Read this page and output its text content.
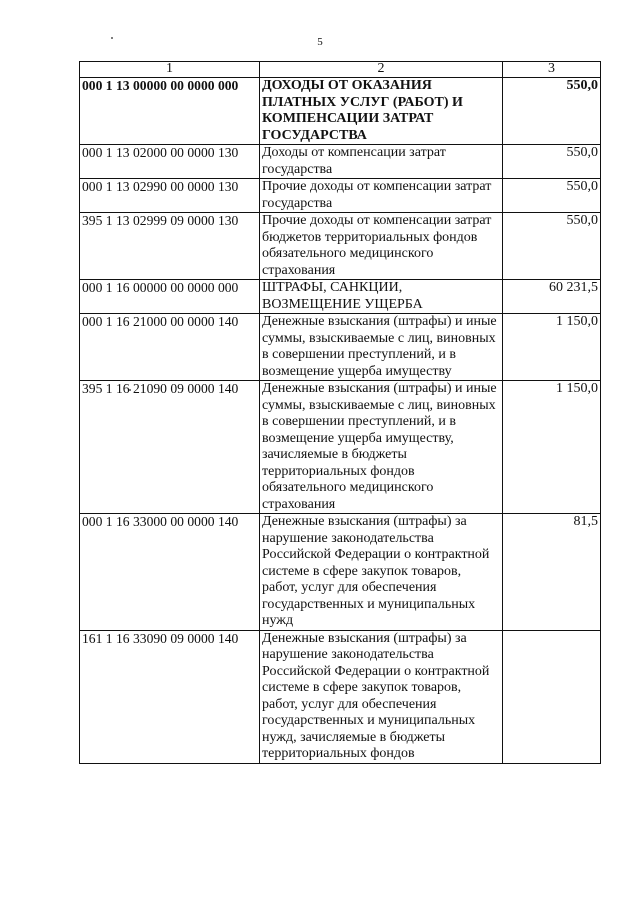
5
1	2	3
000 1 13 00000 00 0000 000	ДОХОДЫ ОТ ОКАЗАНИЯ ПЛАТНЫХ УСЛУГ (РАБОТ) И КОМПЕНСАЦИИ ЗАТРАТ ГОСУДАРСТВА	550,0
000 1 13 02000 00 0000 130	Доходы от компенсации затрат государства	550,0
000 1 13 02990 00 0000 130	Прочие доходы от компенсации затрат государства	550,0
395 1 13 02999 09 0000 130	Прочие доходы от компенсации затрат бюджетов территориальных фондов обязательного медицинского страхования	550,0
000 1 16 00000 00 0000 000	ШТРАФЫ, САНКЦИИ, ВОЗМЕЩЕНИЕ УЩЕРБА	60 231,5
000 1 16 21000 00 0000 140	Денежные взыскания (штрафы) и иные суммы, взыскиваемые с лиц, виновных в совершении преступлений, и в возмещение ущерба имуществу	1 150,0
395 1 16 21090 09 0000 140	Денежные взыскания (штрафы) и иные суммы, взыскиваемые с лиц, виновных в совершении преступлений, и в возмещение ущерба имуществу, зачисляемые в бюджеты территориальных фондов обязательного медицинского страхования	1 150,0
000 1 16 33000 00 0000 140	Денежные взыскания (штрафы) за нарушение законодательства Российской Федерации о контрактной системе в сфере закупок товаров, работ, услуг для обеспечения государственных и муниципальных нужд	81,5
161 1 16 33090 09 0000 140	Денежные взыскания (штрафы) за нарушение законодательства Российской Федерации о контрактной системе в сфере закупок товаров, работ, услуг для обеспечения государственных и муниципальных нужд, зачисляемые в бюджеты территориальных фондов	
